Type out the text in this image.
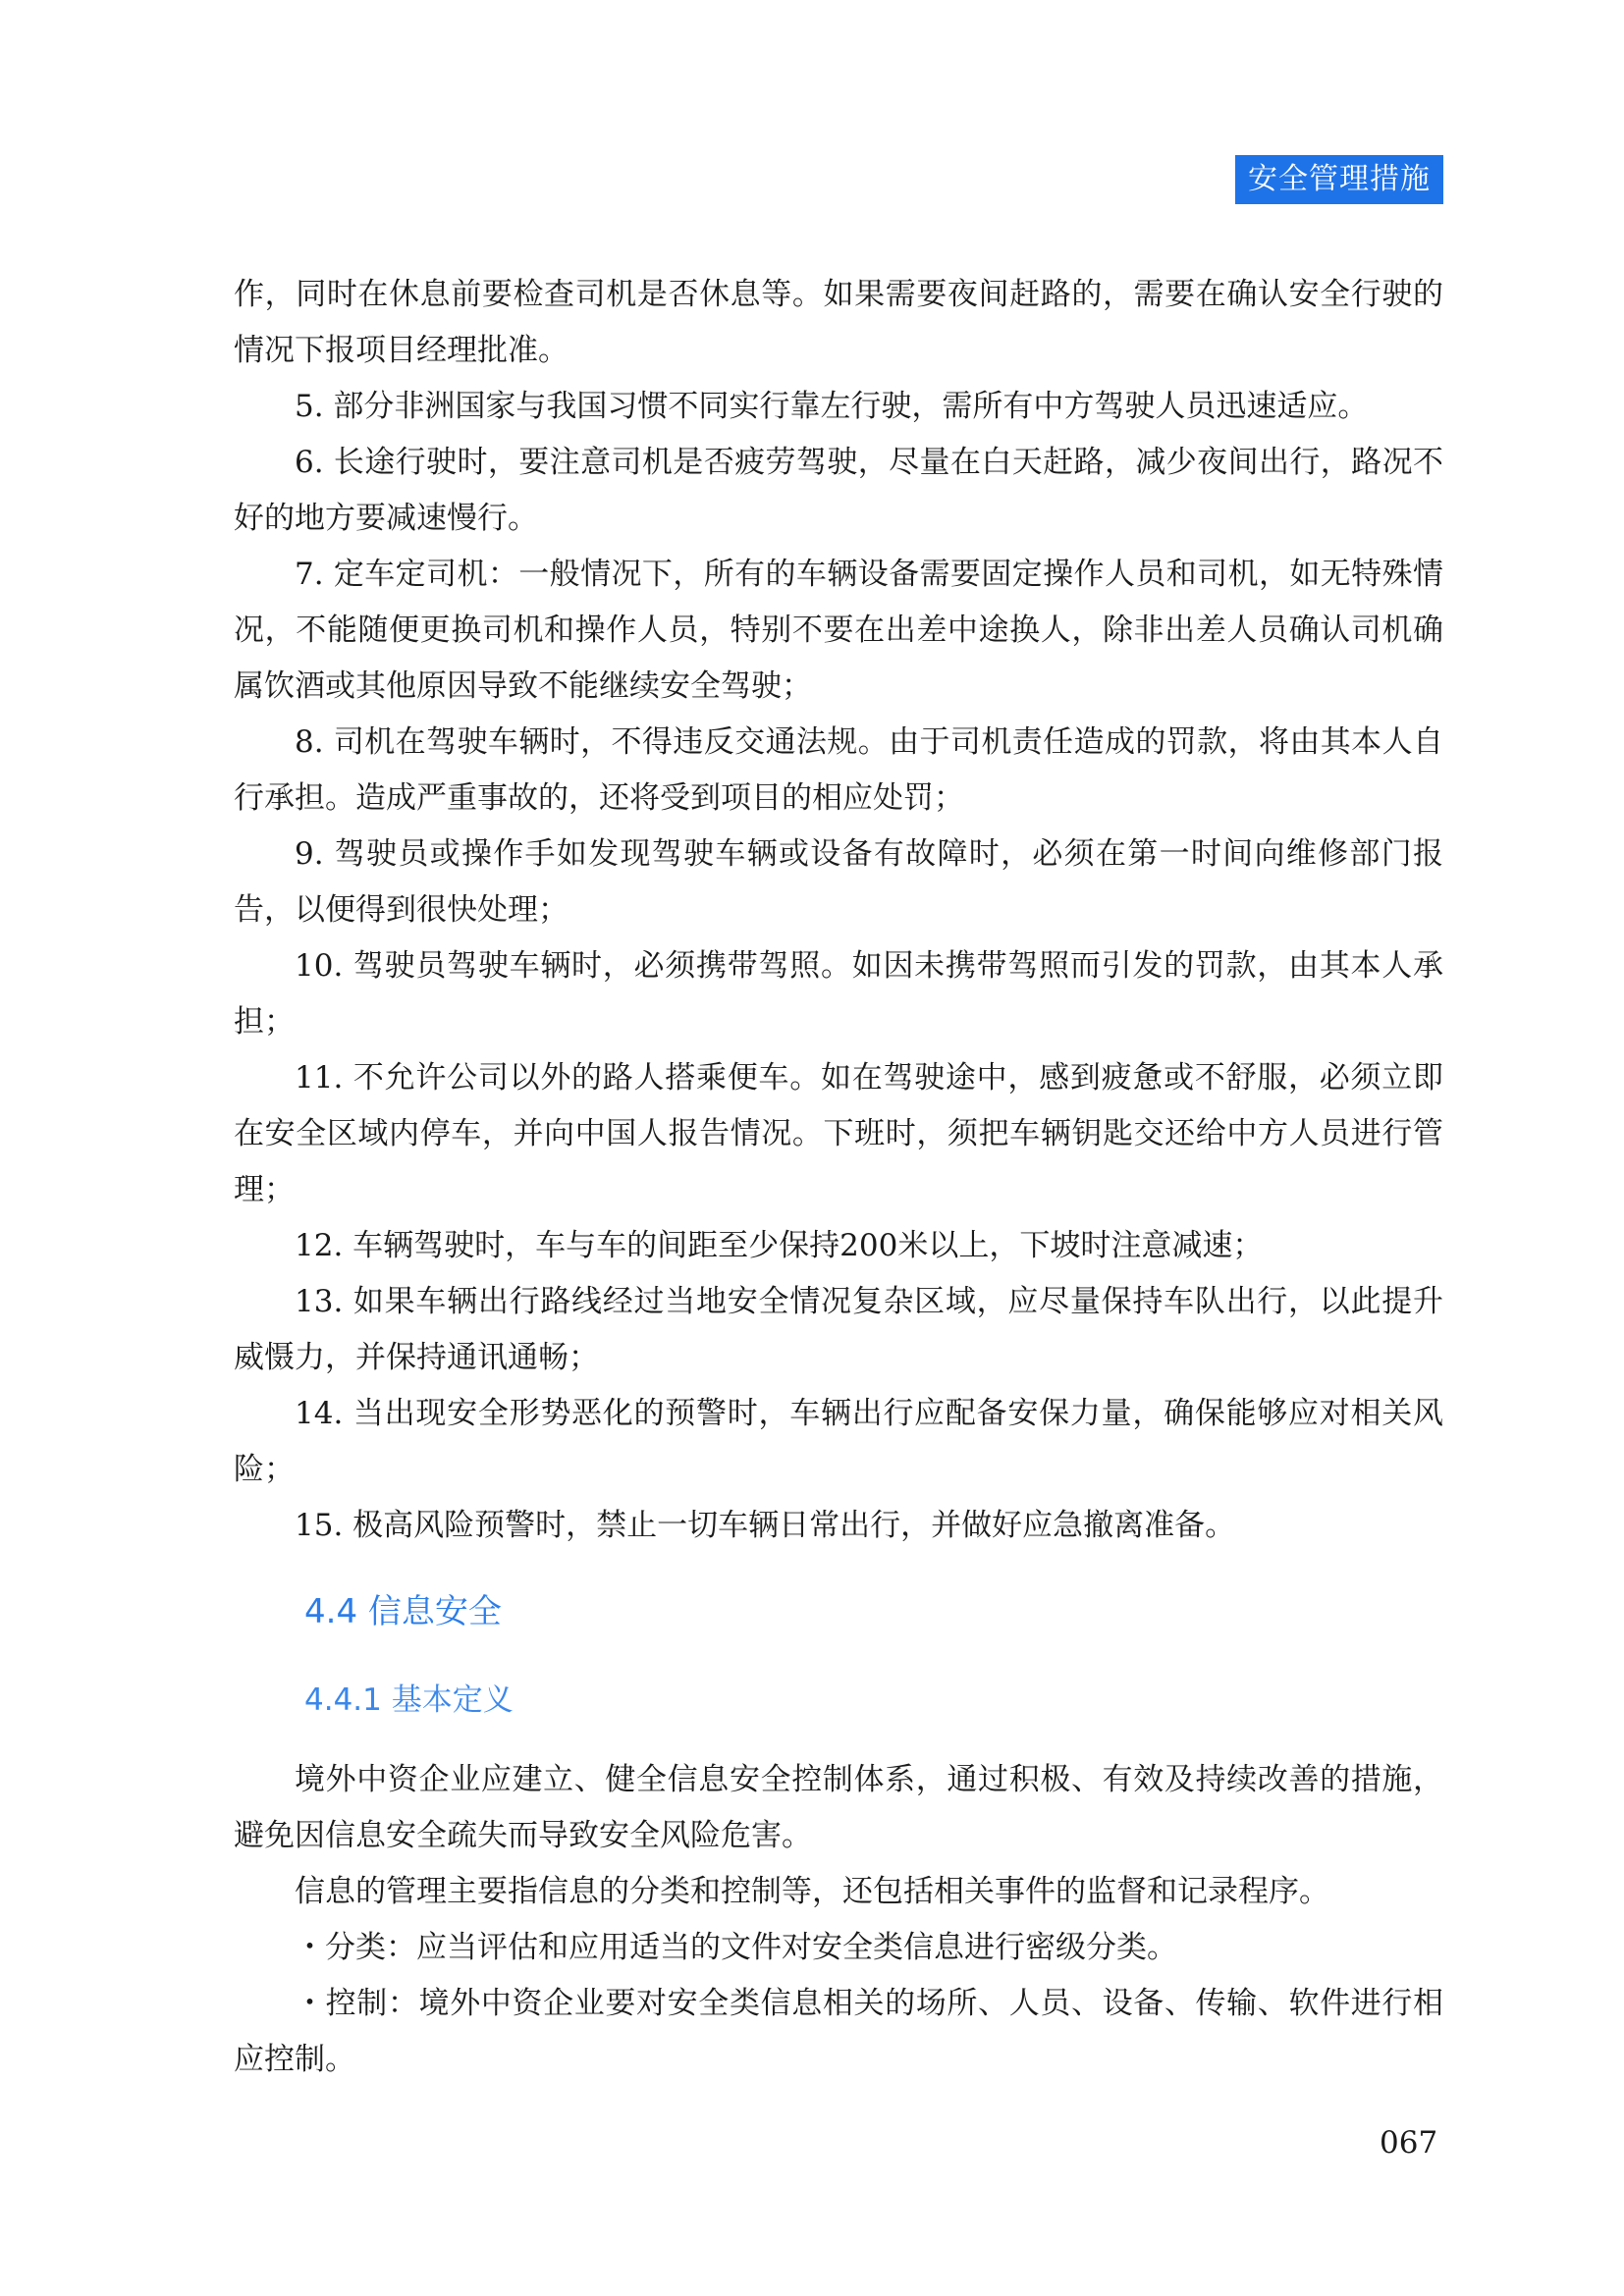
安全管理措施

作，同时在休息前要检查司机是否休息等。如果需要夜间赶路的，需要在确认安全行驶的情况下报项目经理批准。

5. 部分非洲国家与我国习惯不同实行靠左行驶，需所有中方驾驶人员迅速适应。

6. 长途行驶时，要注意司机是否疲劳驾驶，尽量在白天赶路，减少夜间出行，路况不好的地方要减速慢行。

7. 定车定司机：一般情况下，所有的车辆设备需要固定操作人员和司机，如无特殊情况，不能随便更换司机和操作人员，特别不要在出差中途换人，除非出差人员确认司机确属饮酒或其他原因导致不能继续安全驾驶；

8. 司机在驾驶车辆时，不得违反交通法规。由于司机责任造成的罚款，将由其本人自行承担。造成严重事故的，还将受到项目的相应处罚；

9. 驾驶员或操作手如发现驾驶车辆或设备有故障时，必须在第一时间向维修部门报告，以便得到很快处理；

10. 驾驶员驾驶车辆时，必须携带驾照。如因未携带驾照而引发的罚款，由其本人承担；

11. 不允许公司以外的路人搭乘便车。如在驾驶途中，感到疲惫或不舒服，必须立即在安全区域内停车，并向中国人报告情况。下班时，须把车辆钥匙交还给中方人员进行管理；

12. 车辆驾驶时，车与车的间距至少保持200米以上，下坡时注意减速；

13. 如果车辆出行路线经过当地安全情况复杂区域，应尽量保持车队出行，以此提升威慑力，并保持通讯通畅；

14. 当出现安全形势恶化的预警时，车辆出行应配备安保力量，确保能够应对相关风险；

15. 极高风险预警时，禁止一切车辆日常出行，并做好应急撤离准备。

4.4 信息安全

4.4.1 基本定义

境外中资企业应建立、健全信息安全控制体系，通过积极、有效及持续改善的措施，避免因信息安全疏失而导致安全风险危害。

信息的管理主要指信息的分类和控制等，还包括相关事件的监督和记录程序。

・分类：应当评估和应用适当的文件对安全类信息进行密级分类。

・控制：境外中资企业要对安全类信息相关的场所、人员、设备、传输、软件进行相应控制。

067
